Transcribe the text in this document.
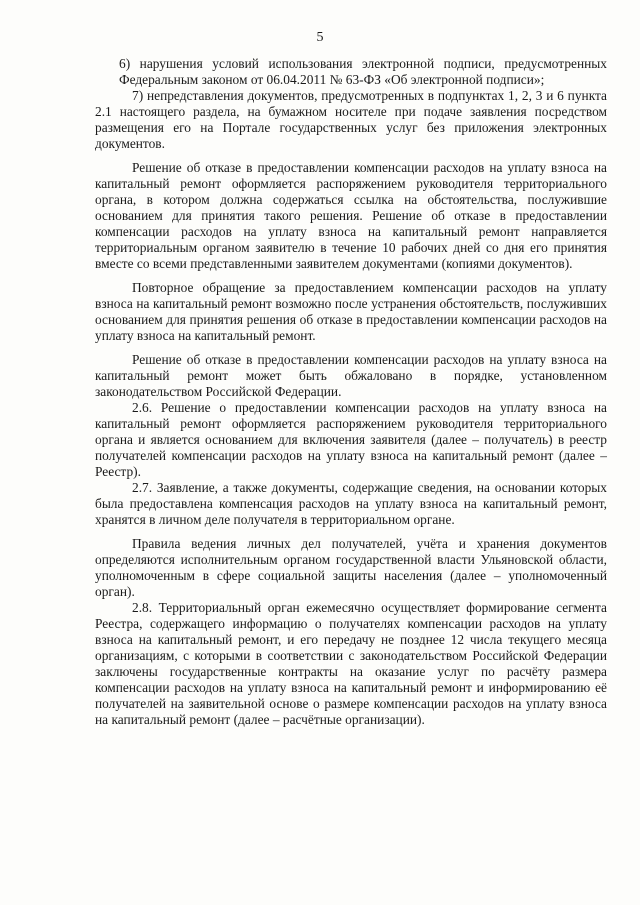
5

6) нарушения условий использования электронной подписи, предусмотренных Федеральным законом от 06.04.2011 № 63-ФЗ «Об электронной подписи»;

7) непредставления документов, предусмотренных в подпунктах 1, 2, 3 и 6 пункта 2.1 настоящего раздела, на бумажном носителе при подаче заявления посредством размещения его на Портале государственных услуг без приложения электронных документов.

Решение об отказе в предоставлении компенсации расходов на уплату взноса на капитальный ремонт оформляется распоряжением руководителя территориального органа, в котором должна содержаться ссылка на обстоятельства, послужившие основанием для принятия такого решения. Решение об отказе в предоставлении компенсации расходов на уплату взноса на капитальный ремонт направляется территориальным органом заявителю в течение 10 рабочих дней со дня его принятия вместе со всеми представленными заявителем документами (копиями документов).

Повторное обращение за предоставлением компенсации расходов на уплату взноса на капитальный ремонт возможно после устранения обстоятельств, послуживших основанием для принятия решения об отказе в предоставлении компенсации расходов на уплату взноса на капитальный ремонт.

Решение об отказе в предоставлении компенсации расходов на уплату взноса на капитальный ремонт может быть обжаловано в порядке, установленном законодательством Российской Федерации.

2.6. Решение о предоставлении компенсации расходов на уплату взноса на капитальный ремонт оформляется распоряжением руководителя территориального органа и является основанием для включения заявителя (далее – получатель) в реестр получателей компенсации расходов на уплату взноса на капитальный ремонт (далее – Реестр).

2.7. Заявление, а также документы, содержащие сведения, на основании которых была предоставлена компенсация расходов на уплату взноса на капитальный ремонт, хранятся в личном деле получателя в территориальном органе.

Правила ведения личных дел получателей, учёта и хранения документов определяются исполнительным органом государственной власти Ульяновской области, уполномоченным в сфере социальной защиты населения (далее – уполномоченный орган).

2.8. Территориальный орган ежемесячно осуществляет формирование сегмента Реестра, содержащего информацию о получателях компенсации расходов на уплату взноса на капитальный ремонт, и его передачу не позднее 12 числа текущего месяца организациям, с которыми в соответствии с законодательством Российской Федерации заключены государственные контракты на оказание услуг по расчёту размера компенсации расходов на уплату взноса на капитальный ремонт и информированию её получателей на заявительной основе о размере компенсации расходов на уплату взноса на капитальный ремонт (далее – расчётные организации).
